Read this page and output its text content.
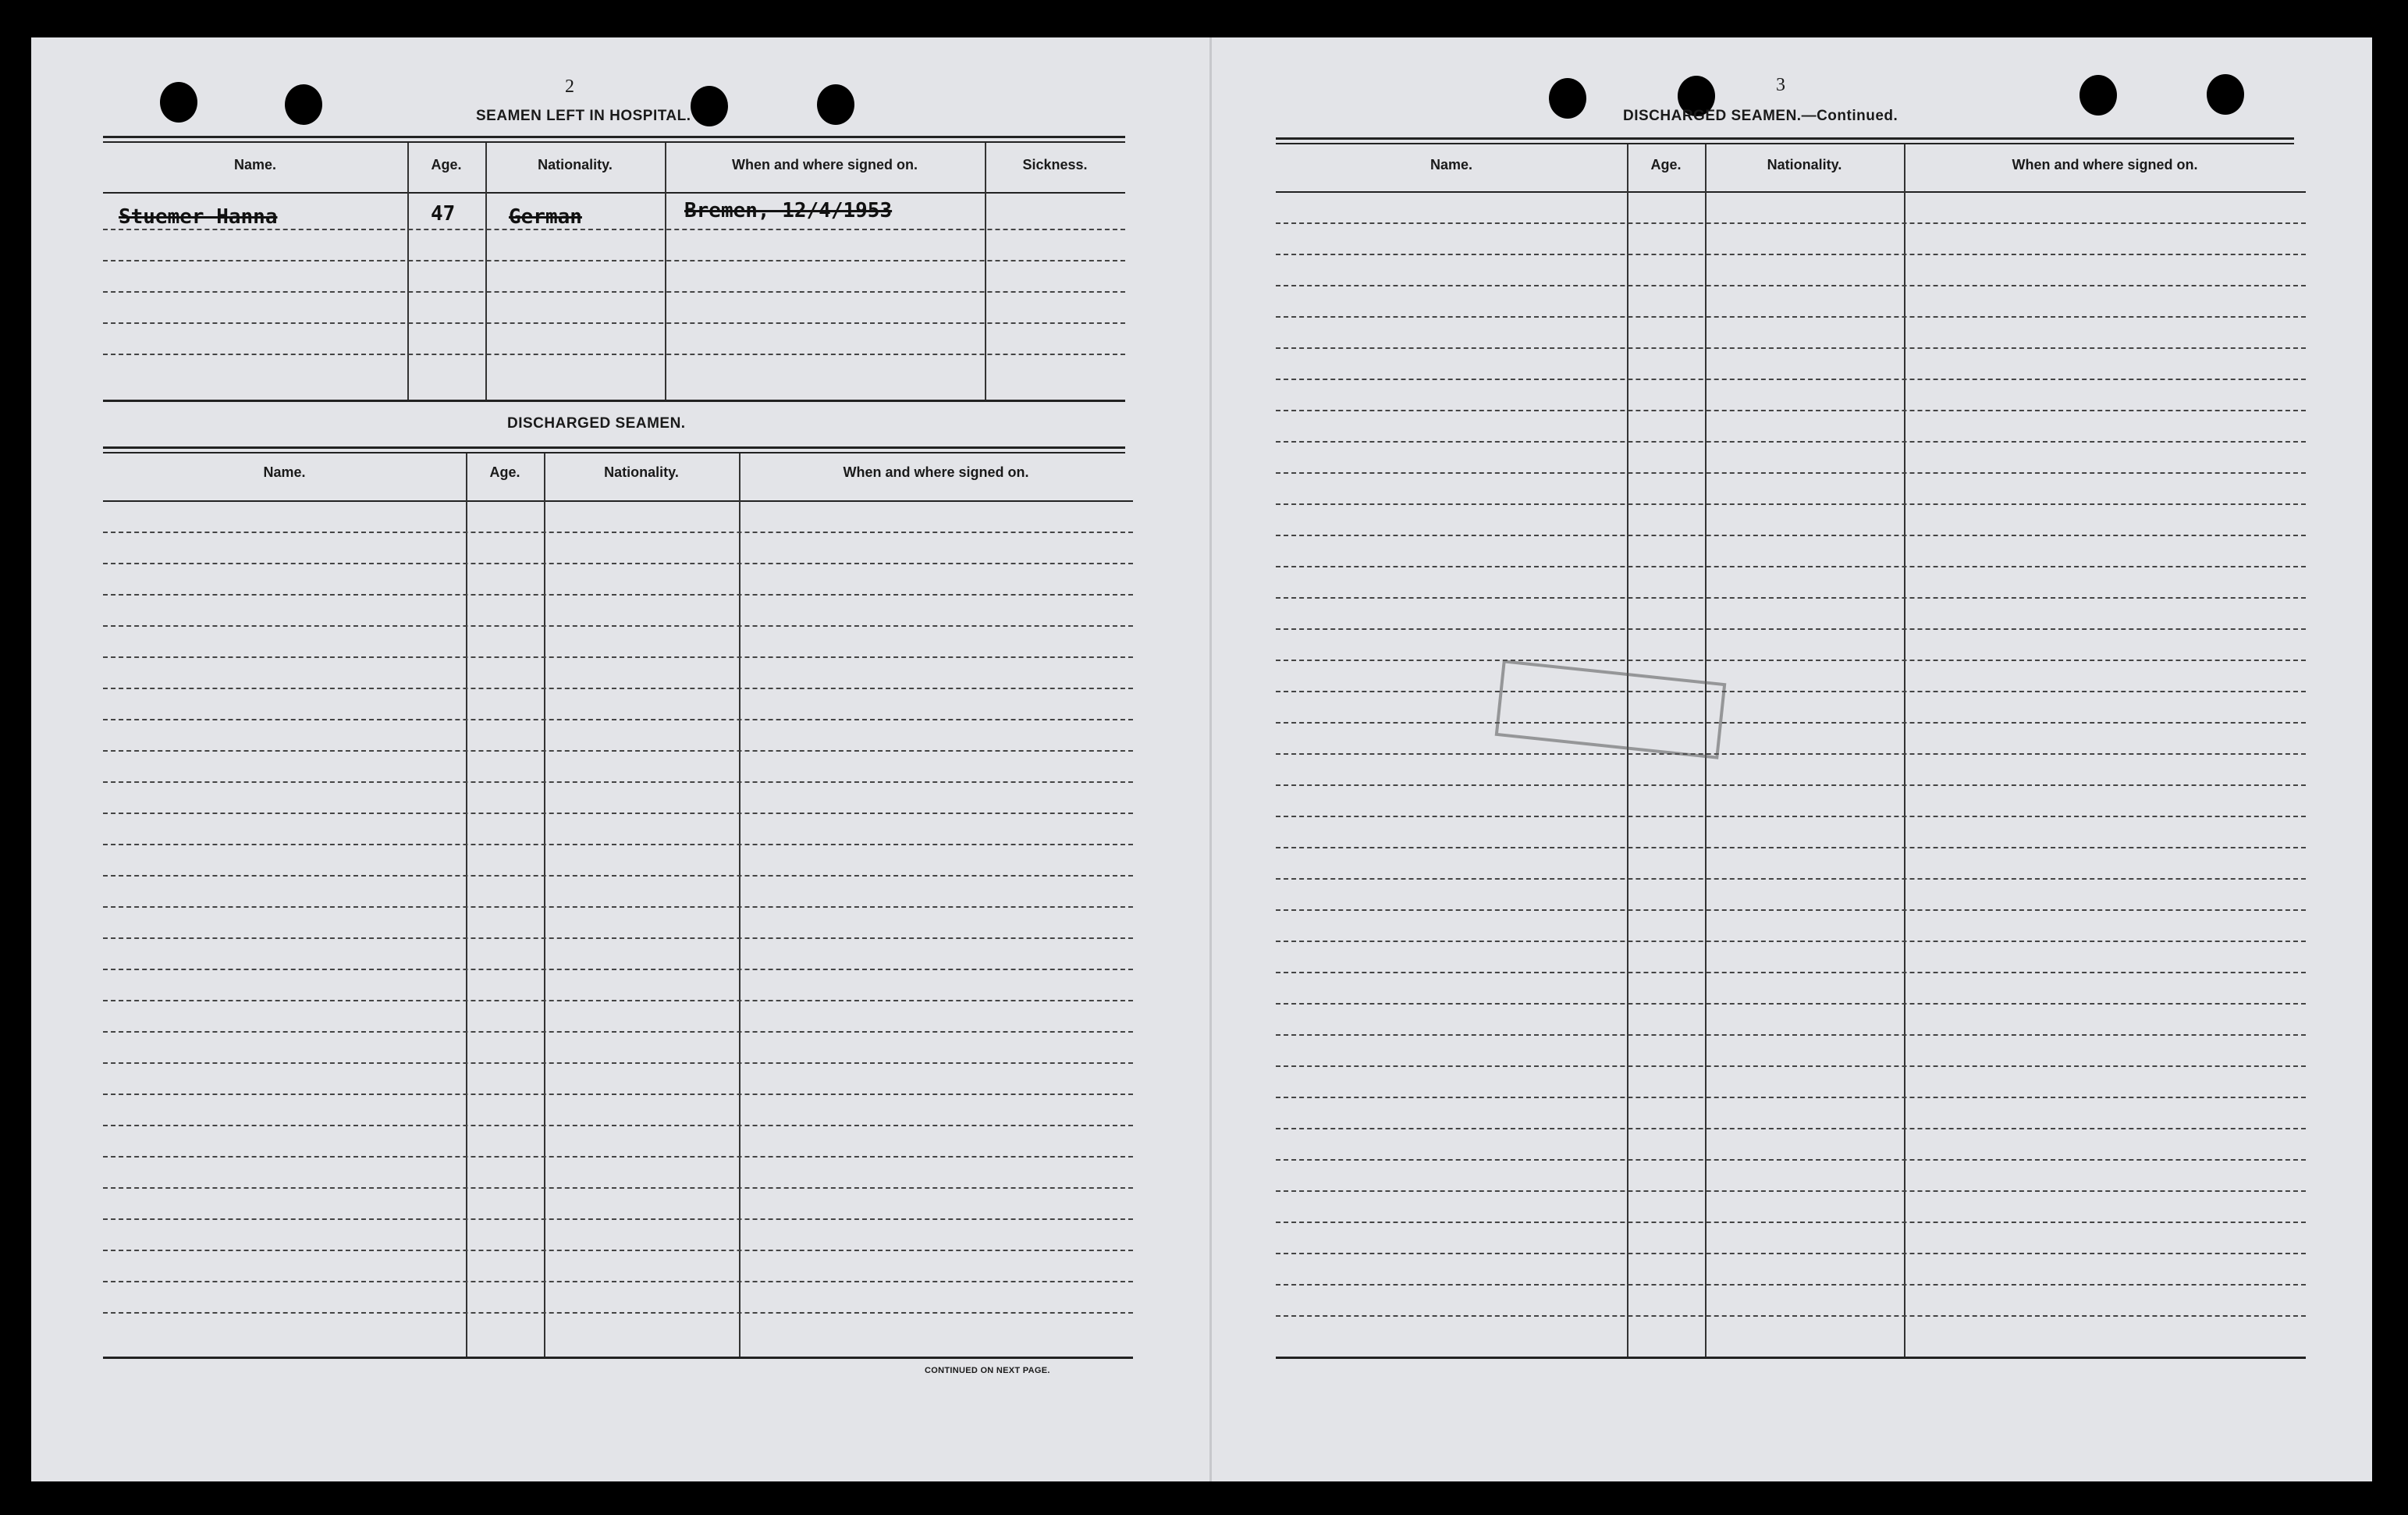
2
SEAMEN LEFT IN HOSPITAL.
Name.	Age.	Nationality.	When and where signed on.	Sickness.
Stuemer Hanna	47	German	Bremen, 12/4/1953
DISCHARGED SEAMEN.
Name.	Age.	Nationality.	When and where signed on.
CONTINUED ON NEXT PAGE.
3
DISCHARGED SEAMEN.—Continued.
Name.	Age.	Nationality.	When and where signed on.
